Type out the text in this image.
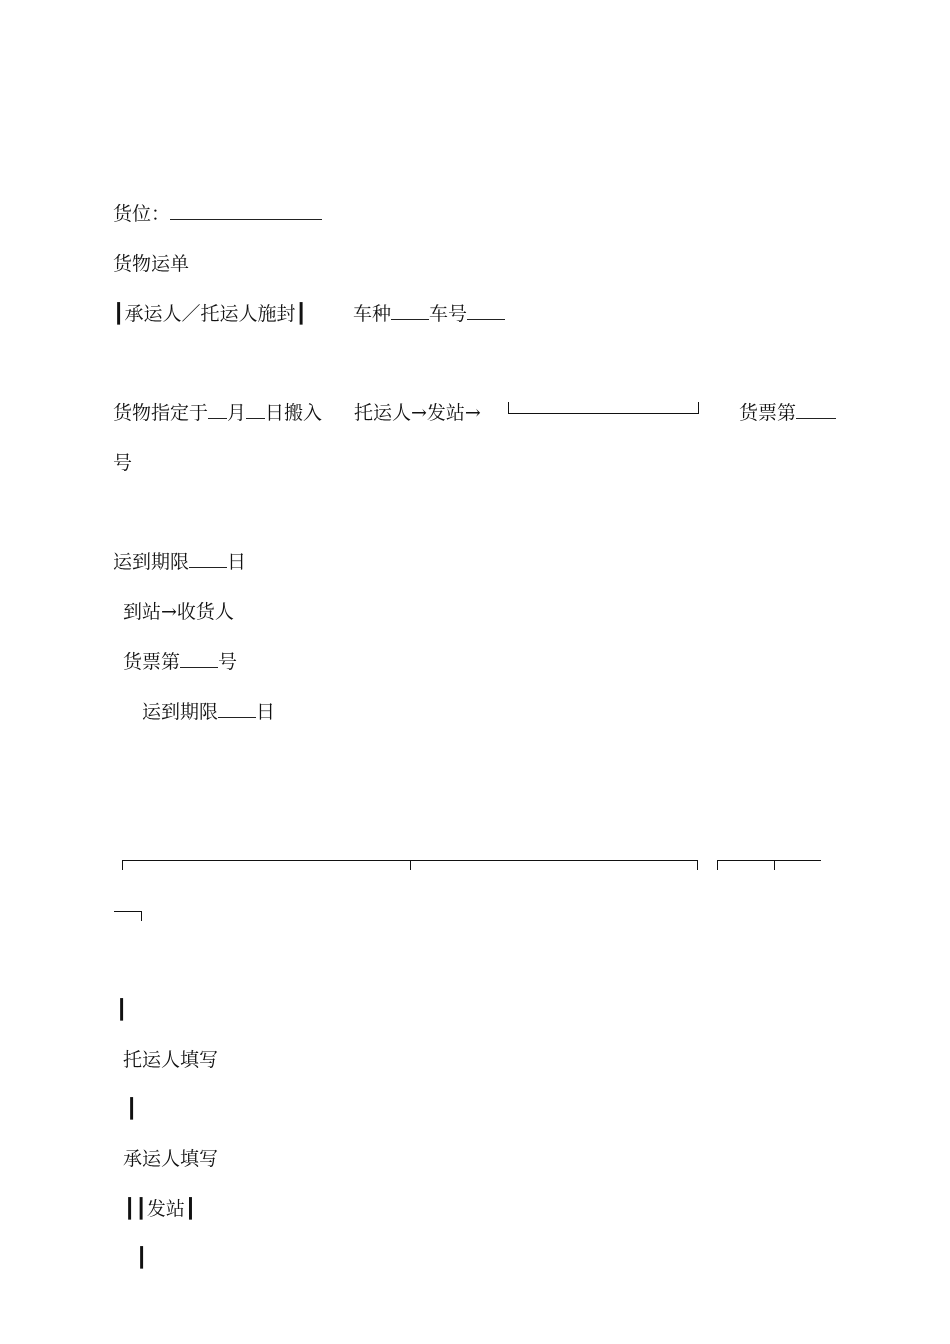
货位：
货物运单
┃承运人／托运人施封┃ 车种 车号
货物指定于 月 日搬入 托运人→发站→	货票第
号
运到期限 日
到站→收货人
货票第 号
运到期限 日
┃
托运人填写
┃
承运人填写
┃┃发站┃
┃
